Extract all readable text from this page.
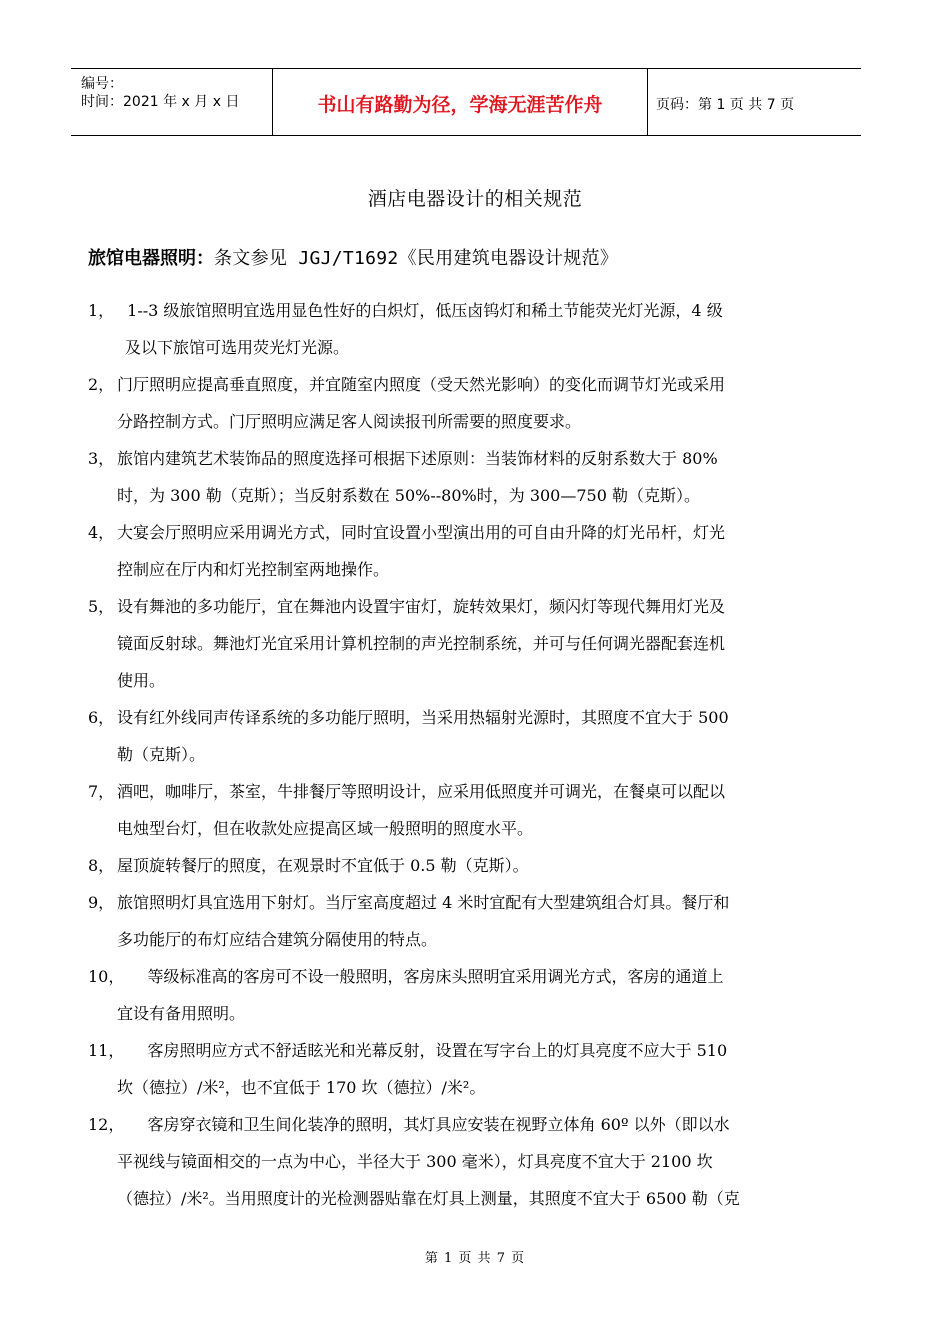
编号：
时间：2021 年 x 月 x 日	书山有路勤为径，学海无涯苦作舟	页码：第 1 页 共 7 页
酒店电器设计的相关规范
旅馆电器照明：条文参见 JGJ/T1692《民用建筑电器设计规范》
1， 1--3 级旅馆照明宜选用显色性好的白炽灯，低压卤钨灯和稀土节能荧光灯光源，4 级
及以下旅馆可选用荧光灯光源。
2， 门厅照明应提高垂直照度，并宜随室内照度（受天然光影响）的变化而调节灯光或采用
分路控制方式。门厅照明应满足客人阅读报刊所需要的照度要求。
3， 旅馆内建筑艺术装饰品的照度选择可根据下述原则：当装饰材料的反射系数大于 80%
时，为 300 勒（克斯）；当反射系数在 50%--80%时，为 300—750 勒（克斯）。
4， 大宴会厅照明应采用调光方式，同时宜设置小型演出用的可自由升降的灯光吊杆，灯光
控制应在厅内和灯光控制室两地操作。
5， 设有舞池的多功能厅，宜在舞池内设置宇宙灯，旋转效果灯，频闪灯等现代舞用灯光及
镜面反射球。舞池灯光宜采用计算机控制的声光控制系统，并可与任何调光器配套连机
使用。
6， 设有红外线同声传译系统的多功能厅照明，当采用热辐射光源时，其照度不宜大于 500
勒（克斯）。
7， 酒吧，咖啡厅，茶室，牛排餐厅等照明设计，应采用低照度并可调光，在餐桌可以配以
电烛型台灯，但在收款处应提高区域一般照明的照度水平。
8， 屋顶旋转餐厅的照度，在观景时不宜低于 0.5 勒（克斯）。
9， 旅馆照明灯具宜选用下射灯。当厅室高度超过 4 米时宜配有大型建筑组合灯具。餐厅和
多功能厅的布灯应结合建筑分隔使用的特点。
10，
等级标准高的客房可不设一般照明，客房床头照明宜采用调光方式，客房的通道上
宜设有备用照明。
11，
客房照明应方式不舒适眩光和光幕反射，设置在写字台上的灯具亮度不应大于 510
坎（德拉）/米²，也不宜低于 170 坎（德拉）/米²。
12，
客房穿衣镜和卫生间化装净的照明，其灯具应安装在视野立体角 60º 以外（即以水
平视线与镜面相交的一点为中心，半径大于 300 毫米），灯具亮度不宜大于 2100 坎
（德拉）/米²。当用照度计的光检测器贴靠在灯具上测量，其照度不宜大于 6500 勒（克
第 1 页 共 7 页
